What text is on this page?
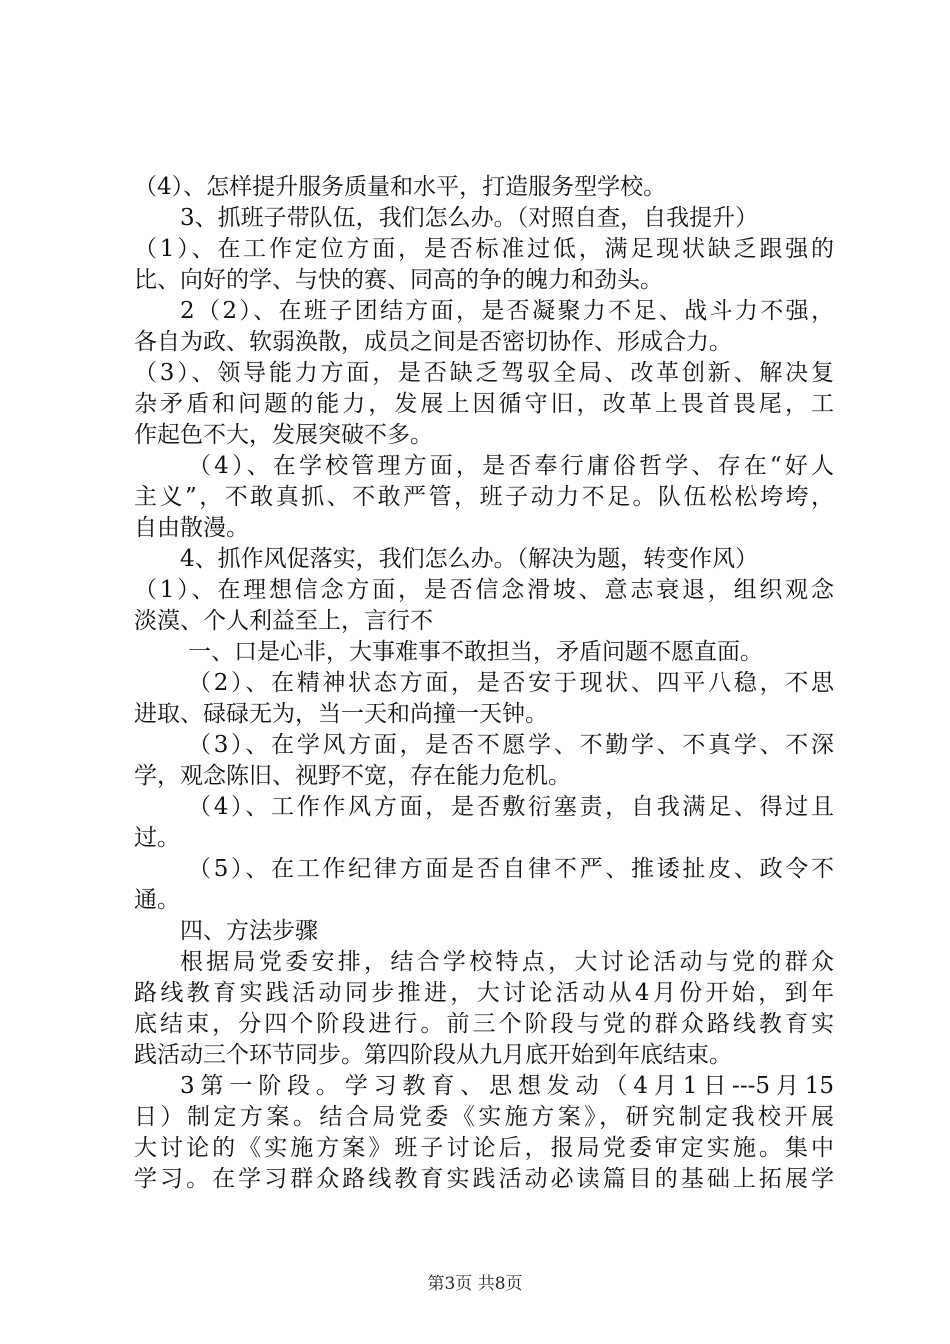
（4）、怎样提升服务质量和水平，打造服务型学校。
3、抓班子带队伍，我们怎么办。（对照自查，自我提升）
（1）、在工作定位方面，是否标准过低，满足现状缺乏跟强的
比、向好的学、与快的赛、同高的争的魄力和劲头。
2（2）、在班子团结方面，是否凝聚力不足、战斗力不强，
各自为政、软弱涣散，成员之间是否密切协作、形成合力。
（3）、领导能力方面，是否缺乏驾驭全局、改革创新、解决复
杂矛盾和问题的能力，发展上因循守旧，改革上畏首畏尾，工
作起色不大，发展突破不多。
（4）、在学校管理方面，是否奉行庸俗哲学、存在“好人
主义”，不敢真抓、不敢严管，班子动力不足。队伍松松垮垮，
自由散漫。
4、抓作风促落实，我们怎么办。（解决为题，转变作风）
（1）、在理想信念方面，是否信念滑坡、意志衰退，组织观念
淡漠、个人利益至上，言行不
一、口是心非，大事难事不敢担当，矛盾问题不愿直面。
（2）、在精神状态方面，是否安于现状、四平八稳，不思
进取、碌碌无为，当一天和尚撞一天钟。
（3）、在学风方面，是否不愿学、不勤学、不真学、不深
学，观念陈旧、视野不宽，存在能力危机。
（4）、工作作风方面，是否敷衍塞责，自我满足、得过且
过。
（5）、在工作纪律方面是否自律不严、推诿扯皮、政令不
通。
四、方法步骤
根据局党委安排，结合学校特点，大讨论活动与党的群众
路线教育实践活动同步推进，大讨论活动从4月份开始，到年
底结束，分四个阶段进行。前三个阶段与党的群众路线教育实
践活动三个环节同步。第四阶段从九月底开始到年底结束。
3第一阶段。学习教育、思想发动（4月1日---5月15
日）制定方案。结合局党委《实施方案》，研究制定我校开展
大讨论的《实施方案》班子讨论后，报局党委审定实施。集中
学习。在学习群众路线教育实践活动必读篇目的基础上拓展学
第3页 共8页
